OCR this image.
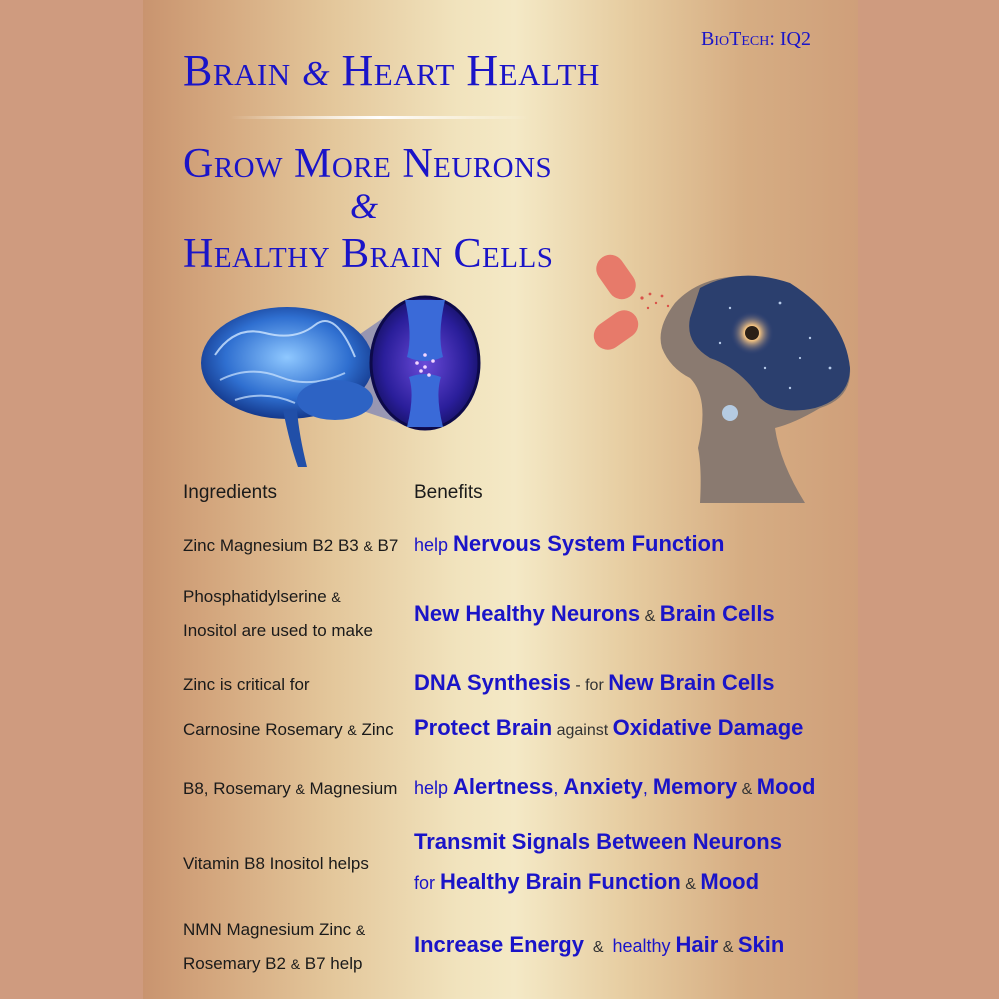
BioTech: IQ2
Brain & Heart Health
Grow More Neurons
&
Healthy Brain Cells
Ingredients	Benefits
Zinc Magnesium B2 B3 & B7 help Nervous System Function
Phosphatidylserine &
Inositol are used to make
New Healthy Neurons & Brain Cells
Zinc is critical for	DNA Synthesis - for New Brain Cells
Carnosine Rosemary & Zinc Protect Brain against Oxidative Damage
B8, Rosemary & Magnesium help Alertness, Anxiety, Memory & Mood
Vitamin B8 Inositol helps
Transmit Signals Between Neurons
for Healthy Brain Function & Mood
NMN Magnesium Zinc &
Rosemary B2 & B7 help
Increase Energy  &  healthy Hair & Skin
